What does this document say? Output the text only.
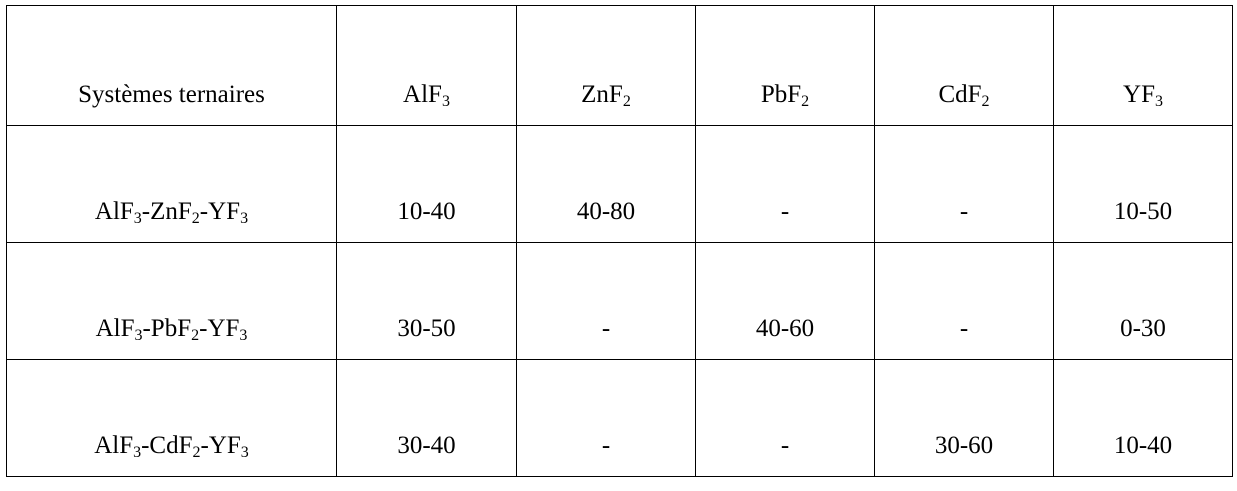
Systèmes ternaires	AlF$_3$	ZnF$_2$	PbF$_2$	CdF$_2$	$YF_3$
$AlF_3-ZnF_2-YF_3$	10-40	40-80	-	-	10-50
$AlF_3-PbF_2-YF_3$	30-50	-	40-60	-	0-30
$AlF_3-CdF_2-YF_3$	30-40	-	-	30-60	10-40
